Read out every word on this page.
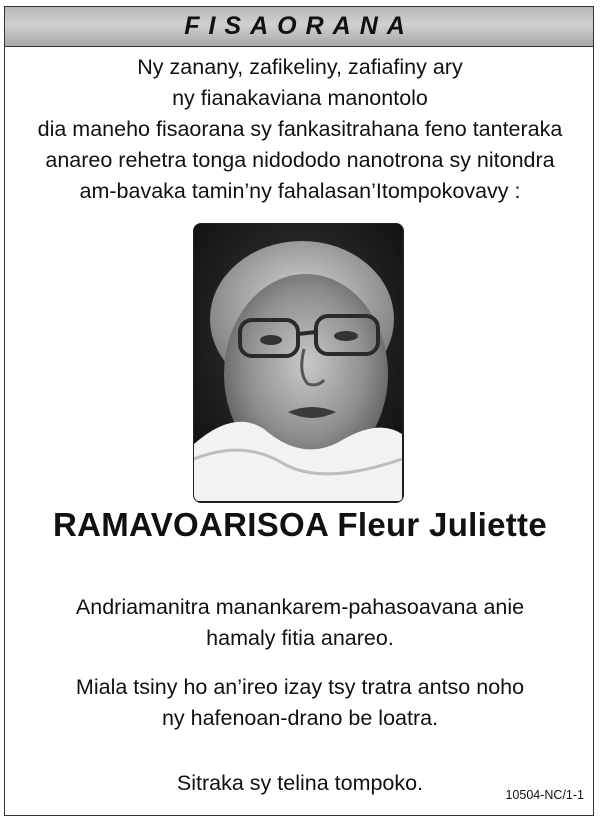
FISAORANA
Ny zanany, zafikeliny, zafiafiny ary
ny fianakaviana manontolo
dia maneho fisaorana sy fankasitrahana feno tanteraka
anareo rehetra tonga nidododo nanotrona sy nitondra
am-bavaka tamin’ny fahalasan’Itompokovavy :
RAMAVOARISOA Fleur Juliette
Andriamanitra manankarem-pahasoavana anie
hamaly fitia anareo.
Miala tsiny ho an’ireo izay tsy tratra antso noho
ny hafenoan-drano be loatra.
Sitraka sy telina tompoko.	10504-NC/1-1
